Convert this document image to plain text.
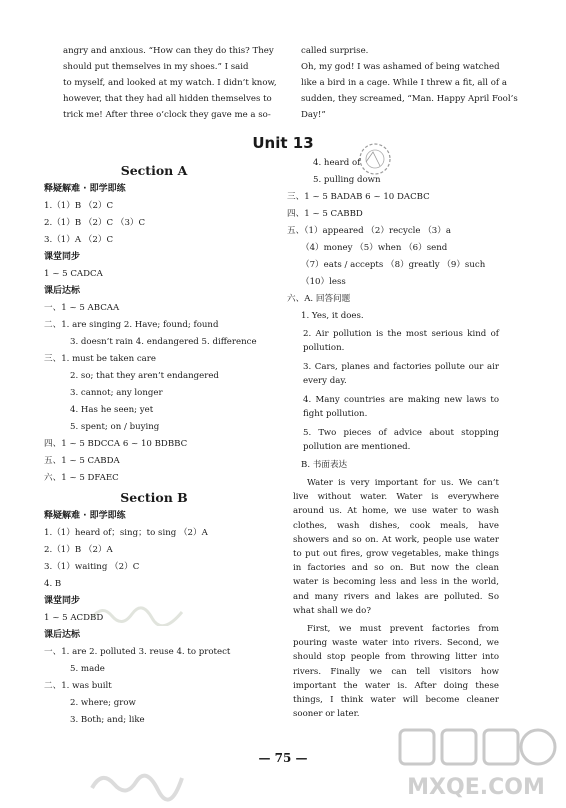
angry and anxious. “How can they do this? They
should put themselves in my shoes.” I said
to myself, and looked at my watch. I didn’t know,
however, that they had all hidden themselves to
trick me! After three o’clock they gave me a so-
called surprise.
Oh, my god! I was ashamed of being watched
like a bird in a cage. While I threw a fit, all of a
sudden, they screamed, “Man. Happy April Fool’s
Day!”
Unit 13
Section A
释疑解难 · 即学即练
1.（1）B （2）C
2.（1）B （2）C （3）C
3.（1）A （2）C
课堂同步
1 ~ 5 CADCA
课后达标
一、1 ~ 5 ABCAA
二、1. are singing 2. Have; found; found
3. doesn’t rain 4. endangered 5. difference
三、1. must be taken care
2. so; that they aren’t endangered
3. cannot; any longer
4. Has he seen; yet
5. spent; on / buying
四、1 ~ 5 BDCCA 6 ~ 10 BDBBC
五、1 ~ 5 CABDA
六、1 ~ 5 DFAEC
Section B
释疑解难 · 即学即练
1.（1）heard of；sing；to sing （2）A
2.（1）B （2）A
3.（1）waiting （2）C
4. B
课堂同步
1 ~ 5 ACDBD
课后达标
一、1. are 2. polluted 3. reuse 4. to protect
5. made
二、1. was built
2. where; grow
3. Both; and; like
4. heard of
5. pulling down
三、1 ~ 5 BADAB 6 ~ 10 DACBC
四、1 ~ 5 CABBD
五、（1）appeared （2）recycle （3）a
（4）money （5）when （6）send
（7）eats / accepts （8）greatly （9）such
（10）less
六、A. 回答问题
1. Yes, it does.
2. Air pollution is the most serious kind of pollution.
3. Cars, planes and factories pollute our air every day.
4. Many countries are making new laws to fight pollution.
5. Two pieces of advice about stopping pollution are mentioned.
B. 书面表达
Water is very important for us. We can’t live without water. Water is everywhere around us. At home, we use water to wash clothes, wash dishes, cook meals, have showers and so on. At work, people use water to put out fires, grow vegetables, make things in factories and so on. But now the clean water is becoming less and less in the world, and many rivers and lakes are polluted. So what shall we do?
First, we must prevent factories from pouring waste water into rivers. Second, we should stop people from throwing litter into rivers. Finally we can tell visitors how important the water is. After doing these things, I think water will become cleaner sooner or later.
— 75 —
MXQE.COM
